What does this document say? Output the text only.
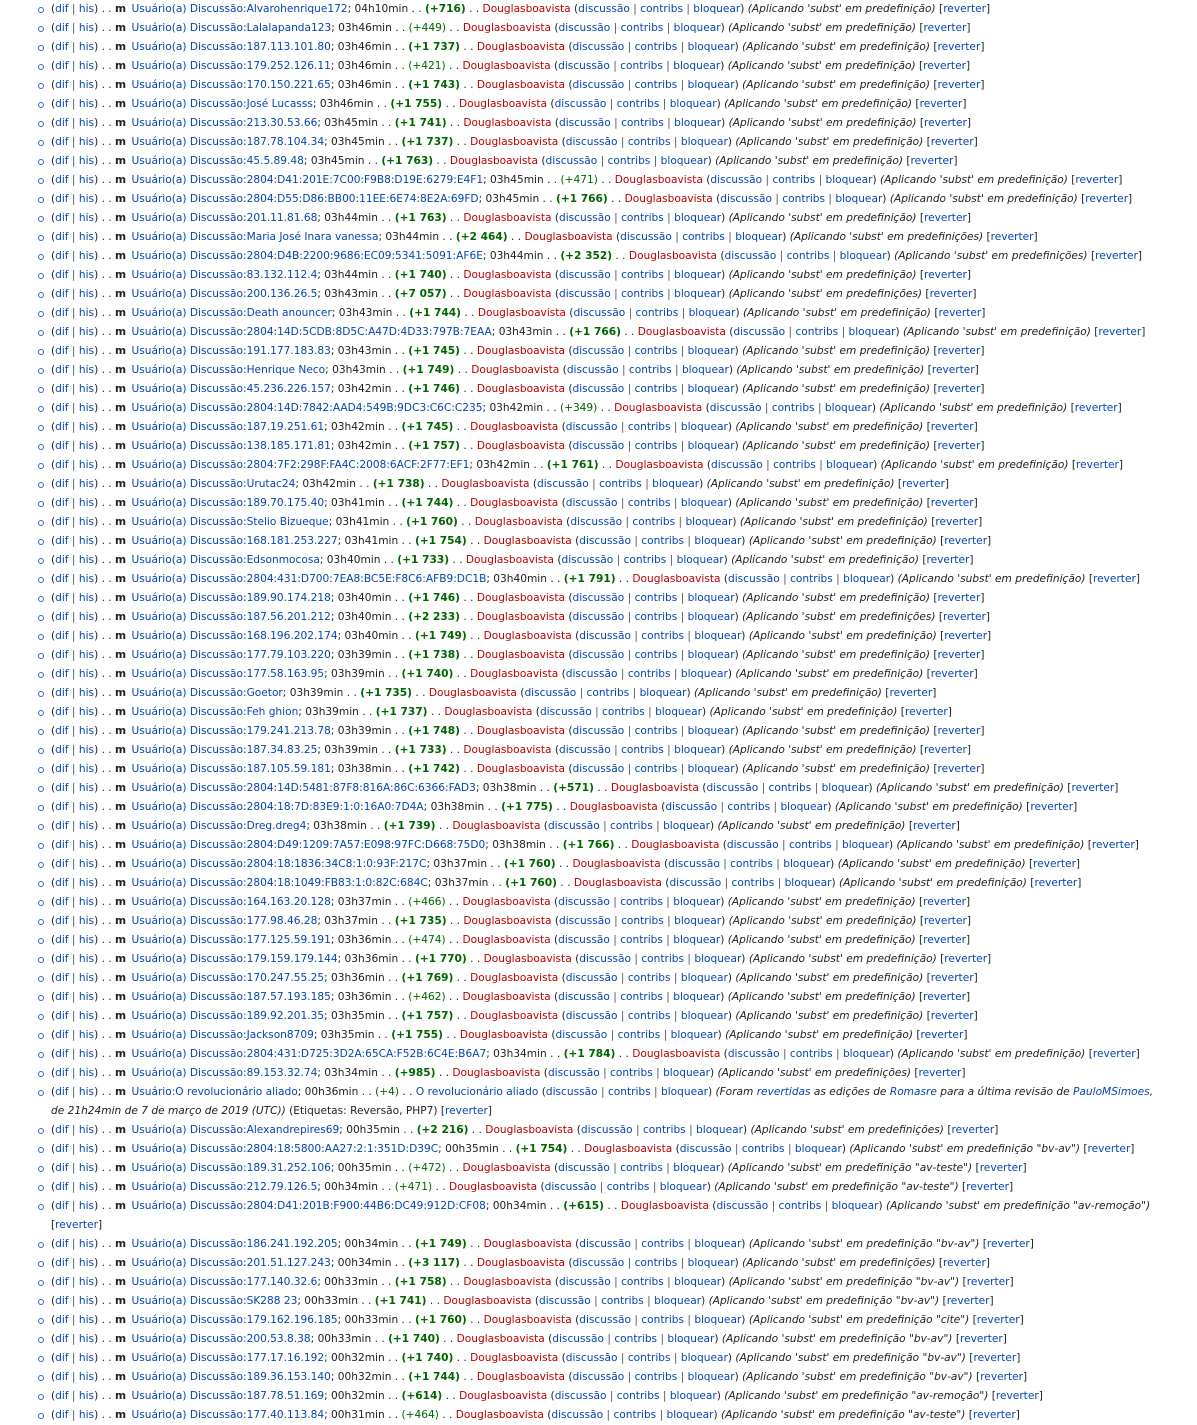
(dif | his) . . m Usuário(a) Discussão:Alvarohenrique172; 04h10min . . (+716) . . Douglasboavista (discussão | contribs | bloquear) (Aplicando 'subst' em predefinição) [reverter]
(dif | his) . . m Usuário(a) Discussão:Lalalapanda123; 03h46min . . (+449) . . Douglasboavista (discussão | contribs | bloquear) (Aplicando 'subst' em predefinição) [reverter]
(dif | his) . . m Usuário(a) Discussão:187.113.101.80; 03h46min . . (+1 737) . . Douglasboavista (discussão | contribs | bloquear) (Aplicando 'subst' em predefinição) [reverter]
(dif | his) . . m Usuário(a) Discussão:179.252.126.11; 03h46min . . (+421) . . Douglasboavista (discussão | contribs | bloquear) (Aplicando 'subst' em predefinição) [reverter]
(dif | his) . . m Usuário(a) Discussão:170.150.221.65; 03h46min . . (+1 743) . . Douglasboavista (discussão | contribs | bloquear) (Aplicando 'subst' em predefinição) [reverter]
(dif | his) . . m Usuário(a) Discussão:José Lucasss; 03h46min . . (+1 755) . . Douglasboavista (discussão | contribs | bloquear) (Aplicando 'subst' em predefinição) [reverter]
(dif | his) . . m Usuário(a) Discussão:213.30.53.66; 03h45min . . (+1 741) . . Douglasboavista (discussão | contribs | bloquear) (Aplicando 'subst' em predefinição) [reverter]
(dif | his) . . m Usuário(a) Discussão:187.78.104.34; 03h45min . . (+1 737) . . Douglasboavista (discussão | contribs | bloquear) (Aplicando 'subst' em predefinição) [reverter]
(dif | his) . . m Usuário(a) Discussão:45.5.89.48; 03h45min . . (+1 763) . . Douglasboavista (discussão | contribs | bloquear) (Aplicando 'subst' em predefinição) [reverter]
(dif | his) . . m Usuário(a) Discussão:2804:D41:201E:7C00:F9B8:D19E:6279:E4F1; 03h45min . . (+471) . . Douglasboavista (discussão | contribs | bloquear) (Aplicando 'subst' em predefinição) [reverter]
(dif | his) . . m Usuário(a) Discussão:2804:D55:D86:BB00:11EE:6E74:8E2A:69FD; 03h45min . . (+1 766) . . Douglasboavista (discussão | contribs | bloquear) (Aplicando 'subst' em predefinição) [reverter]
(dif | his) . . m Usuário(a) Discussão:201.11.81.68; 03h44min . . (+1 763) . . Douglasboavista (discussão | contribs | bloquear) (Aplicando 'subst' em predefinição) [reverter]
(dif | his) . . m Usuário(a) Discussão:Maria José Inara vanessa; 03h44min . . (+2 464) . . Douglasboavista (discussão | contribs | bloquear) (Aplicando 'subst' em predefinições) [reverter]
(dif | his) . . m Usuário(a) Discussão:2804:D4B:2200:9686:EC09:5341:5091:AF6E; 03h44min . . (+2 352) . . Douglasboavista (discussão | contribs | bloquear) (Aplicando 'subst' em predefinições) [reverter]
(dif | his) . . m Usuário(a) Discussão:83.132.112.4; 03h44min . . (+1 740) . . Douglasboavista (discussão | contribs | bloquear) (Aplicando 'subst' em predefinição) [reverter]
(dif | his) . . m Usuário(a) Discussão:200.136.26.5; 03h43min . . (+7 057) . . Douglasboavista (discussão | contribs | bloquear) (Aplicando 'subst' em predefinições) [reverter]
(dif | his) . . m Usuário(a) Discussão:Death anouncer; 03h43min . . (+1 744) . . Douglasboavista (discussão | contribs | bloquear) (Aplicando 'subst' em predefinição) [reverter]
(dif | his) . . m Usuário(a) Discussão:2804:14D:5CDB:8D5C:A47D:4D33:797B:7EAA; 03h43min . . (+1 766) . . Douglasboavista (discussão | contribs | bloquear) (Aplicando 'subst' em predefinição) [reverter]
(dif | his) . . m Usuário(a) Discussão:191.177.183.83; 03h43min . . (+1 745) . . Douglasboavista (discussão | contribs | bloquear) (Aplicando 'subst' em predefinição) [reverter]
(dif | his) . . m Usuário(a) Discussão:Henrique Neco; 03h43min . . (+1 749) . . Douglasboavista (discussão | contribs | bloquear) (Aplicando 'subst' em predefinição) [reverter]
(dif | his) . . m Usuário(a) Discussão:45.236.226.157; 03h42min . . (+1 746) . . Douglasboavista (discussão | contribs | bloquear) (Aplicando 'subst' em predefinição) [reverter]
(dif | his) . . m Usuário(a) Discussão:2804:14D:7842:AAD4:549B:9DC3:C6C:C235; 03h42min . . (+349) . . Douglasboavista (discussão | contribs | bloquear) (Aplicando 'subst' em predefinição) [reverter]
(dif | his) . . m Usuário(a) Discussão:187.19.251.61; 03h42min . . (+1 745) . . Douglasboavista (discussão | contribs | bloquear) (Aplicando 'subst' em predefinição) [reverter]
(dif | his) . . m Usuário(a) Discussão:138.185.171.81; 03h42min . . (+1 757) . . Douglasboavista (discussão | contribs | bloquear) (Aplicando 'subst' em predefinição) [reverter]
(dif | his) . . m Usuário(a) Discussão:2804:7F2:298F:FA4C:2008:6ACF:2F77:EF1; 03h42min . . (+1 761) . . Douglasboavista (discussão | contribs | bloquear) (Aplicando 'subst' em predefinição) [reverter]
(dif | his) . . m Usuário(a) Discussão:Urutac24; 03h42min . . (+1 738) . . Douglasboavista (discussão | contribs | bloquear) (Aplicando 'subst' em predefinição) [reverter]
(dif | his) . . m Usuário(a) Discussão:189.70.175.40; 03h41min . . (+1 744) . . Douglasboavista (discussão | contribs | bloquear) (Aplicando 'subst' em predefinição) [reverter]
(dif | his) . . m Usuário(a) Discussão:Stelio Bizueque; 03h41min . . (+1 760) . . Douglasboavista (discussão | contribs | bloquear) (Aplicando 'subst' em predefinição) [reverter]
(dif | his) . . m Usuário(a) Discussão:168.181.253.227; 03h41min . . (+1 754) . . Douglasboavista (discussão | contribs | bloquear) (Aplicando 'subst' em predefinição) [reverter]
(dif | his) . . m Usuário(a) Discussão:Edsonmocosa; 03h40min . . (+1 733) . . Douglasboavista (discussão | contribs | bloquear) (Aplicando 'subst' em predefinição) [reverter]
(dif | his) . . m Usuário(a) Discussão:2804:431:D700:7EA8:BC5E:F8C6:AFB9:DC1B; 03h40min . . (+1 791) . . Douglasboavista (discussão | contribs | bloquear) (Aplicando 'subst' em predefinição) [reverter]
(dif | his) . . m Usuário(a) Discussão:189.90.174.218; 03h40min . . (+1 746) . . Douglasboavista (discussão | contribs | bloquear) (Aplicando 'subst' em predefinição) [reverter]
(dif | his) . . m Usuário(a) Discussão:187.56.201.212; 03h40min . . (+2 233) . . Douglasboavista (discussão | contribs | bloquear) (Aplicando 'subst' em predefinições) [reverter]
(dif | his) . . m Usuário(a) Discussão:168.196.202.174; 03h40min . . (+1 749) . . Douglasboavista (discussão | contribs | bloquear) (Aplicando 'subst' em predefinição) [reverter]
(dif | his) . . m Usuário(a) Discussão:177.79.103.220; 03h39min . . (+1 738) . . Douglasboavista (discussão | contribs | bloquear) (Aplicando 'subst' em predefinição) [reverter]
(dif | his) . . m Usuário(a) Discussão:177.58.163.95; 03h39min . . (+1 740) . . Douglasboavista (discussão | contribs | bloquear) (Aplicando 'subst' em predefinição) [reverter]
(dif | his) . . m Usuário(a) Discussão:Goetor; 03h39min . . (+1 735) . . Douglasboavista (discussão | contribs | bloquear) (Aplicando 'subst' em predefinição) [reverter]
(dif | his) . . m Usuário(a) Discussão:Feh ghion; 03h39min . . (+1 737) . . Douglasboavista (discussão | contribs | bloquear) (Aplicando 'subst' em predefinição) [reverter]
(dif | his) . . m Usuário(a) Discussão:179.241.213.78; 03h39min . . (+1 748) . . Douglasboavista (discussão | contribs | bloquear) (Aplicando 'subst' em predefinição) [reverter]
(dif | his) . . m Usuário(a) Discussão:187.34.83.25; 03h39min . . (+1 733) . . Douglasboavista (discussão | contribs | bloquear) (Aplicando 'subst' em predefinição) [reverter]
(dif | his) . . m Usuário(a) Discussão:187.105.59.181; 03h38min . . (+1 742) . . Douglasboavista (discussão | contribs | bloquear) (Aplicando 'subst' em predefinição) [reverter]
(dif | his) . . m Usuário(a) Discussão:2804:14D:5481:87F8:816A:86C:6366:FAD3; 03h38min . . (+571) . . Douglasboavista (discussão | contribs | bloquear) (Aplicando 'subst' em predefinição) [reverter]
(dif | his) . . m Usuário(a) Discussão:2804:18:7D:83E9:1:0:16A0:7D4A; 03h38min . . (+1 775) . . Douglasboavista (discussão | contribs | bloquear) (Aplicando 'subst' em predefinição) [reverter]
(dif | his) . . m Usuário(a) Discussão:Dreg.dreg4; 03h38min . . (+1 739) . . Douglasboavista (discussão | contribs | bloquear) (Aplicando 'subst' em predefinição) [reverter]
(dif | his) . . m Usuário(a) Discussão:2804:D49:1209:7A57:E098:97FC:D668:75D0; 03h38min . . (+1 766) . . Douglasboavista (discussão | contribs | bloquear) (Aplicando 'subst' em predefinição) [reverter]
(dif | his) . . m Usuário(a) Discussão:2804:18:1836:34C8:1:0:93F:217C; 03h37min . . (+1 760) . . Douglasboavista (discussão | contribs | bloquear) (Aplicando 'subst' em predefinição) [reverter]
(dif | his) . . m Usuário(a) Discussão:2804:18:1049:FB83:1:0:82C:684C; 03h37min . . (+1 760) . . Douglasboavista (discussão | contribs | bloquear) (Aplicando 'subst' em predefinição) [reverter]
(dif | his) . . m Usuário(a) Discussão:164.163.20.128; 03h37min . . (+466) . . Douglasboavista (discussão | contribs | bloquear) (Aplicando 'subst' em predefinição) [reverter]
(dif | his) . . m Usuário(a) Discussão:177.98.46.28; 03h37min . . (+1 735) . . Douglasboavista (discussão | contribs | bloquear) (Aplicando 'subst' em predefinição) [reverter]
(dif | his) . . m Usuário(a) Discussão:177.125.59.191; 03h36min . . (+474) . . Douglasboavista (discussão | contribs | bloquear) (Aplicando 'subst' em predefinição) [reverter]
(dif | his) . . m Usuário(a) Discussão:179.159.179.144; 03h36min . . (+1 770) . . Douglasboavista (discussão | contribs | bloquear) (Aplicando 'subst' em predefinição) [reverter]
(dif | his) . . m Usuário(a) Discussão:170.247.55.25; 03h36min . . (+1 769) . . Douglasboavista (discussão | contribs | bloquear) (Aplicando 'subst' em predefinição) [reverter]
(dif | his) . . m Usuário(a) Discussão:187.57.193.185; 03h36min . . (+462) . . Douglasboavista (discussão | contribs | bloquear) (Aplicando 'subst' em predefinição) [reverter]
(dif | his) . . m Usuário(a) Discussão:189.92.201.35; 03h35min . . (+1 757) . . Douglasboavista (discussão | contribs | bloquear) (Aplicando 'subst' em predefinição) [reverter]
(dif | his) . . m Usuário(a) Discussão:Jackson8709; 03h35min . . (+1 755) . . Douglasboavista (discussão | contribs | bloquear) (Aplicando 'subst' em predefinição) [reverter]
(dif | his) . . m Usuário(a) Discussão:2804:431:D725:3D2A:65CA:F52B:6C4E:B6A7; 03h34min . . (+1 784) . . Douglasboavista (discussão | contribs | bloquear) (Aplicando 'subst' em predefinição) [reverter]
(dif | his) . . m Usuário(a) Discussão:89.153.32.74; 03h34min . . (+985) . . Douglasboavista (discussão | contribs | bloquear) (Aplicando 'subst' em predefinições) [reverter]
(dif | his) . . m Usuário:O revolucionário aliado; 00h36min . . (+4) . . O revolucionário aliado (discussão | contribs | bloquear) (Foram revertidas as edições de Romasre para a última revisão de PauloMSimoes, de 21h24min de 7 de março de 2019 (UTC)) (Etiquetas: Reversão, PHP7) [reverter]
(dif | his) . . m Usuário(a) Discussão:Alexandrepires69; 00h35min . . (+2 216) . . Douglasboavista (discussão | contribs | bloquear) (Aplicando 'subst' em predefinições) [reverter]
(dif | his) . . m Usuário(a) Discussão:2804:18:5800:AA27:2:1:351D:D39C; 00h35min . . (+1 754) . . Douglasboavista (discussão | contribs | bloquear) (Aplicando 'subst' em predefinição "bv-av") [reverter]
(dif | his) . . m Usuário(a) Discussão:189.31.252.106; 00h35min . . (+472) . . Douglasboavista (discussão | contribs | bloquear) (Aplicando 'subst' em predefinição "av-teste") [reverter]
(dif | his) . . m Usuário(a) Discussão:212.79.126.5; 00h34min . . (+471) . . Douglasboavista (discussão | contribs | bloquear) (Aplicando 'subst' em predefinição "av-teste") [reverter]
(dif | his) . . m Usuário(a) Discussão:2804:D41:201B:F900:44B6:DC49:912D:CF08; 00h34min . . (+615) . . Douglasboavista (discussão | contribs | bloquear) (Aplicando 'subst' em predefinição "av-remoção") [reverter]
(dif | his) . . m Usuário(a) Discussão:186.241.192.205; 00h34min . . (+1 749) . . Douglasboavista (discussão | contribs | bloquear) (Aplicando 'subst' em predefinição "bv-av") [reverter]
(dif | his) . . m Usuário(a) Discussão:201.51.127.243; 00h34min . . (+3 117) . . Douglasboavista (discussão | contribs | bloquear) (Aplicando 'subst' em predefinições) [reverter]
(dif | his) . . m Usuário(a) Discussão:177.140.32.6; 00h33min . . (+1 758) . . Douglasboavista (discussão | contribs | bloquear) (Aplicando 'subst' em predefinição "bv-av") [reverter]
(dif | his) . . m Usuário(a) Discussão:SK288 23; 00h33min . . (+1 741) . . Douglasboavista (discussão | contribs | bloquear) (Aplicando 'subst' em predefinição "bv-av") [reverter]
(dif | his) . . m Usuário(a) Discussão:179.162.196.185; 00h33min . . (+1 760) . . Douglasboavista (discussão | contribs | bloquear) (Aplicando 'subst' em predefinição "cite") [reverter]
(dif | his) . . m Usuário(a) Discussão:200.53.8.38; 00h33min . . (+1 740) . . Douglasboavista (discussão | contribs | bloquear) (Aplicando 'subst' em predefinição "bv-av") [reverter]
(dif | his) . . m Usuário(a) Discussão:177.17.16.192; 00h32min . . (+1 740) . . Douglasboavista (discussão | contribs | bloquear) (Aplicando 'subst' em predefinição "bv-av") [reverter]
(dif | his) . . m Usuário(a) Discussão:189.36.153.140; 00h32min . . (+1 744) . . Douglasboavista (discussão | contribs | bloquear) (Aplicando 'subst' em predefinição "bv-av") [reverter]
(dif | his) . . m Usuário(a) Discussão:187.78.51.169; 00h32min . . (+614) . . Douglasboavista (discussão | contribs | bloquear) (Aplicando 'subst' em predefinição "av-remoção") [reverter]
(dif | his) . . m Usuário(a) Discussão:177.40.113.84; 00h31min . . (+464) . . Douglasboavista (discussão | contribs | bloquear) (Aplicando 'subst' em predefinição "av-teste") [reverter]
